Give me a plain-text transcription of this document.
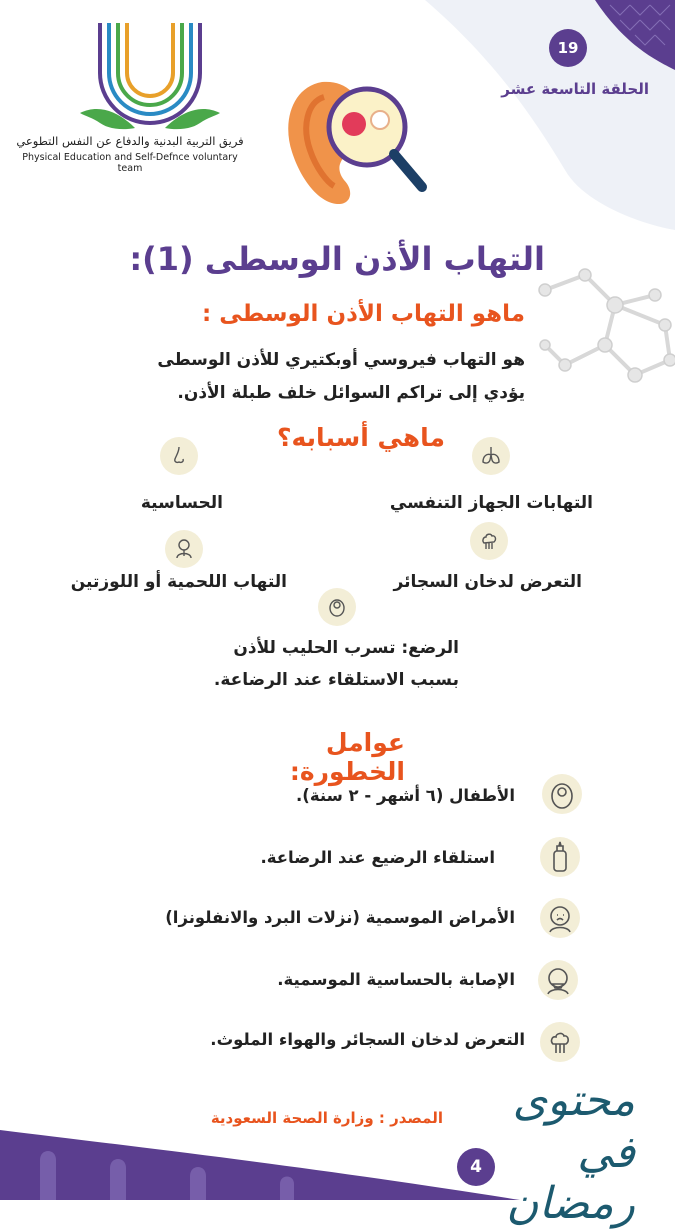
فريق التربية البدنية والدفاع عن النفس التطوعي
Physical Education and Self-Defnce voluntary team
19
الحلقة التاسعة عشر
التهاب الأذن الوسطى (1):
ماهو التهاب الأذن الوسطى :
هو التهاب فيروسي أوبكتيري للأذن الوسطى
يؤدي إلى تراكم السوائل خلف طبلة الأذن.
ماهي أسبابه؟
التهابات الجهاز التنفسي
الحساسية
التعرض لدخان السجائر
التهاب اللحمية أو اللوزتين
الرضع: تسرب الحليب للأذن
بسبب الاستلقاء عند الرضاعة.
عوامل الخطورة:
الأطفال (٦ أشهر - ٢ سنة).
استلقاء الرضيع عند الرضاعة.
الأمراض الموسمية (نزلات البرد والانفلونزا)
الإصابة بالحساسية الموسمية.
التعرض لدخان السجائر والهواء الملوث.
المصدر : وزارة الصحة السعودية
4
محتوى
في رمضان
